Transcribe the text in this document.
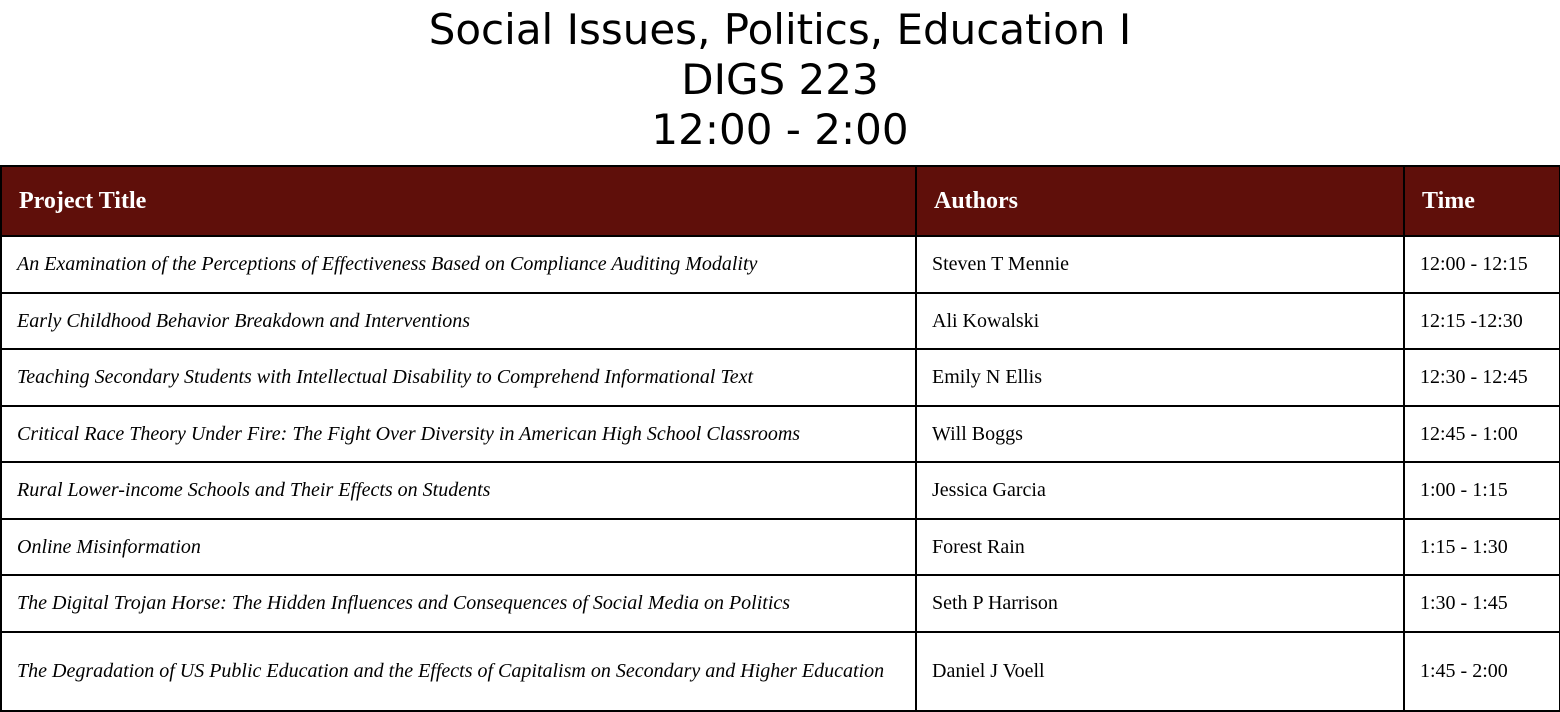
Social Issues, Politics, Education I
DIGS 223
12:00 - 2:00
Project Title	Authors	Time
An Examination of the Perceptions of Effectiveness Based on Compliance Auditing Modality	Steven T Mennie	12:00 - 12:15
Early Childhood Behavior Breakdown and Interventions	Ali Kowalski	12:15 -12:30
Teaching Secondary Students with Intellectual Disability to Comprehend Informational Text	Emily N Ellis	12:30 - 12:45
Critical Race Theory Under Fire: The Fight Over Diversity in American High School Classrooms	Will Boggs	12:45 - 1:00
Rural Lower-income Schools and Their Effects on Students	Jessica Garcia	1:00 - 1:15
Online Misinformation	Forest Rain	1:15 - 1:30
The Digital Trojan Horse: The Hidden Influences and Consequences of Social Media on Politics	Seth P Harrison	1:30 - 1:45
The Degradation of US Public Education and the Effects of Capitalism on Secondary and Higher Education	Daniel J Voell	1:45 - 2:00
